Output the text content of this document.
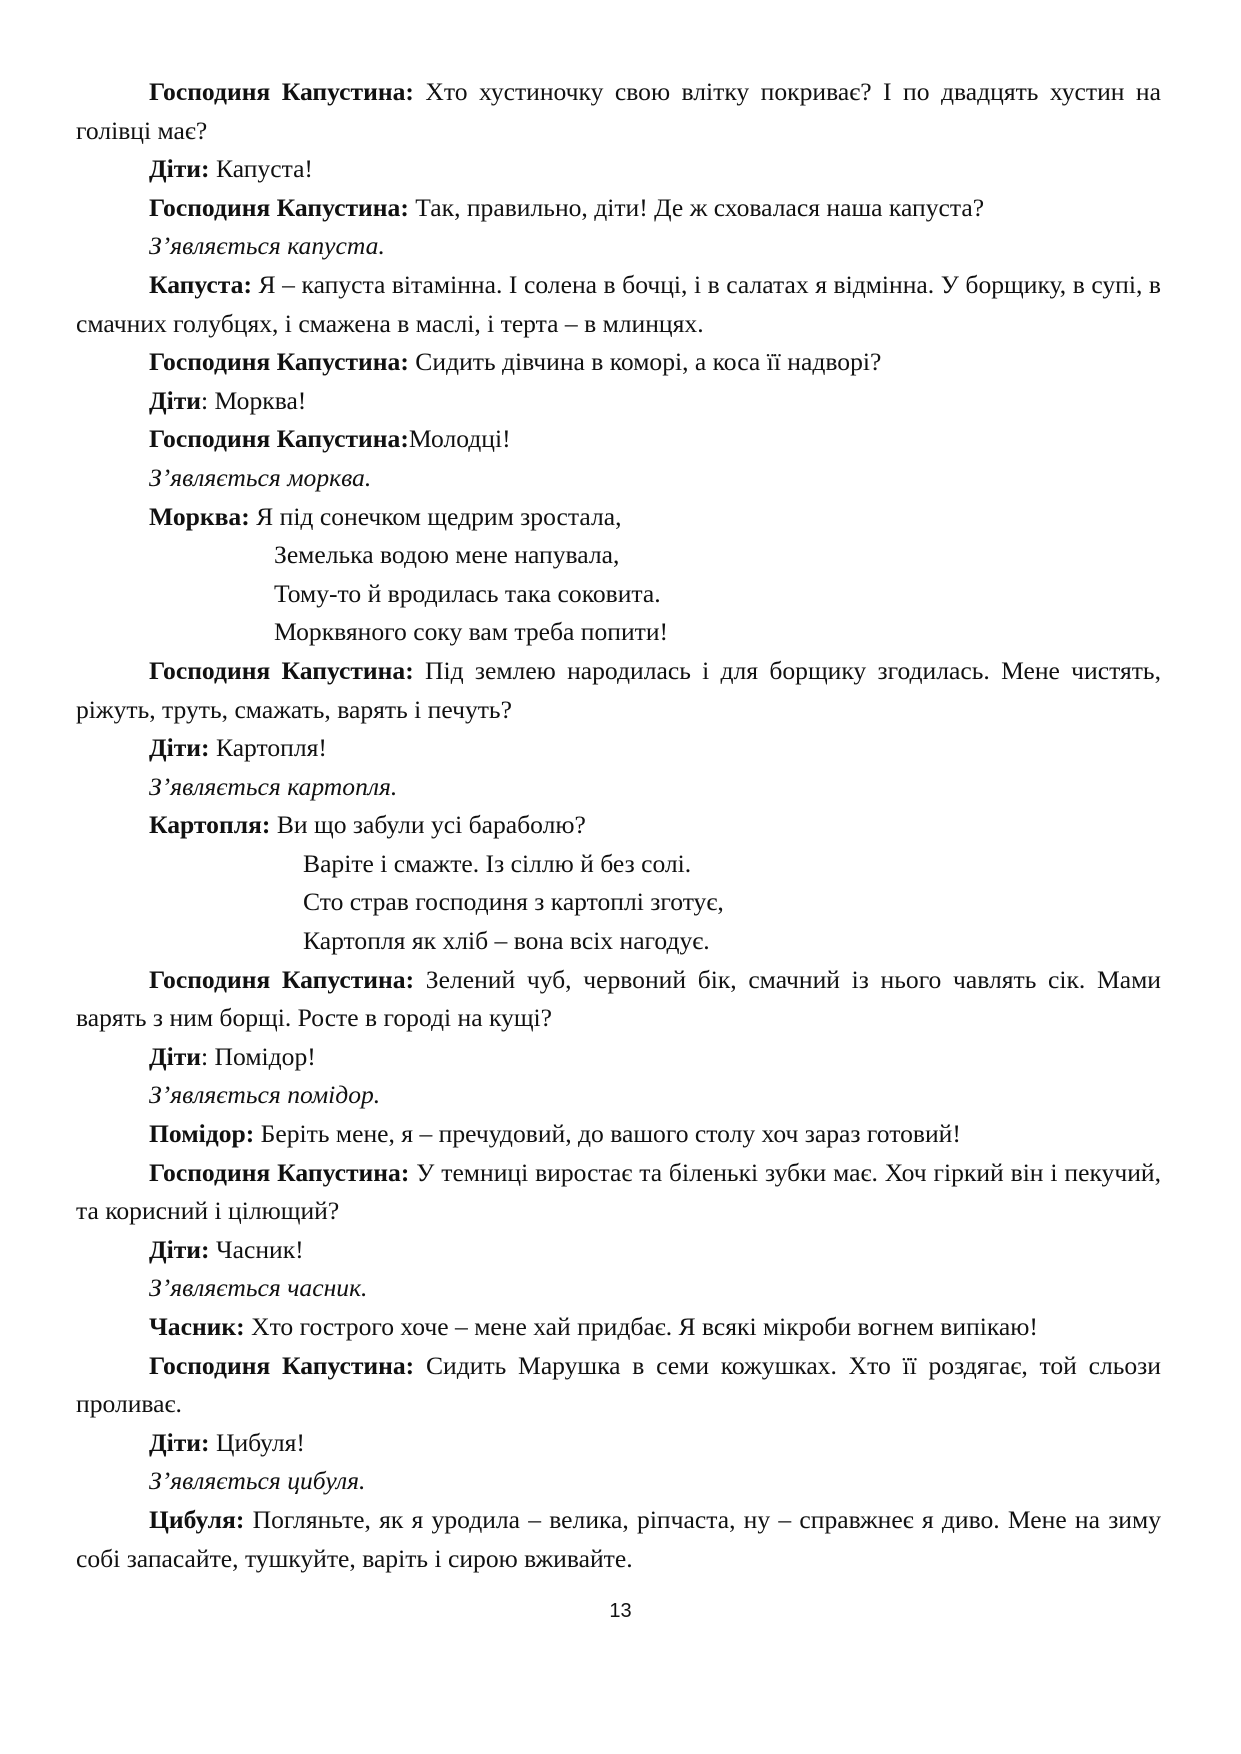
Господиня Капустина: Хто хустиночку свою влітку покриває? І по двадцять хустин на голівці має?

Діти: Капуста!

Господиня Капустина: Так, правильно, діти! Де ж сховалася наша капуста?

З’являється капуста.

Капуста: Я – капуста вітамінна. І солена в бочці, і в салатах я відмінна. У борщику, в супі, в смачних голубцях, і смажена в маслі, і терта – в млинцях.

Господиня Капустина: Сидить дівчина в коморі, а коса її надворі?

Діти: Морква!

Господиня Капустина:Молодці!

З’являється морква.

Морква: Я під сонечком щедрим зростала,

Земелька водою мене напувала,

Тому-то й вродилась така соковита.

Морквяного соку вам треба попити!

Господиня Капустина: Під землею народилась і для борщику згодилась. Мене чистять, ріжуть, труть, смажать, варять і печуть?

Діти: Картопля!

З’являється картопля.

Картопля: Ви що забули усі бараболю?

Варіте і смажте. Із сіллю й без солі.

Сто страв господиня з картоплі зготує,

Картопля як хліб – вона всіх нагодує.

Господиня Капустина: Зелений чуб, червоний бік, смачний із нього чавлять сік. Мами варять з ним борщі. Росте в городі на кущі?

Діти: Помідор!

З’являється помідор.

Помідор: Беріть мене, я – пречудовий, до вашого столу хоч зараз готовий!

Господиня Капустина: У темниці виростає та біленькі зубки має. Хоч гіркий він і пекучий, та корисний і цілющий?

Діти: Часник!

З’являється часник.

Часник: Хто гострого хоче – мене хай придбає. Я всякі мікроби вогнем випікаю!

Господиня Капустина: Сидить Марушка в семи кожушках. Хто її роздягає, той сльози проливає.

Діти: Цибуля!

З’являється цибуля.

Цибуля: Погляньте, як я уродила – велика, ріпчаста, ну – справжнеє я диво. Мене на зиму собі запасайте, тушкуйте, варіть і сирою вживайте.

13
